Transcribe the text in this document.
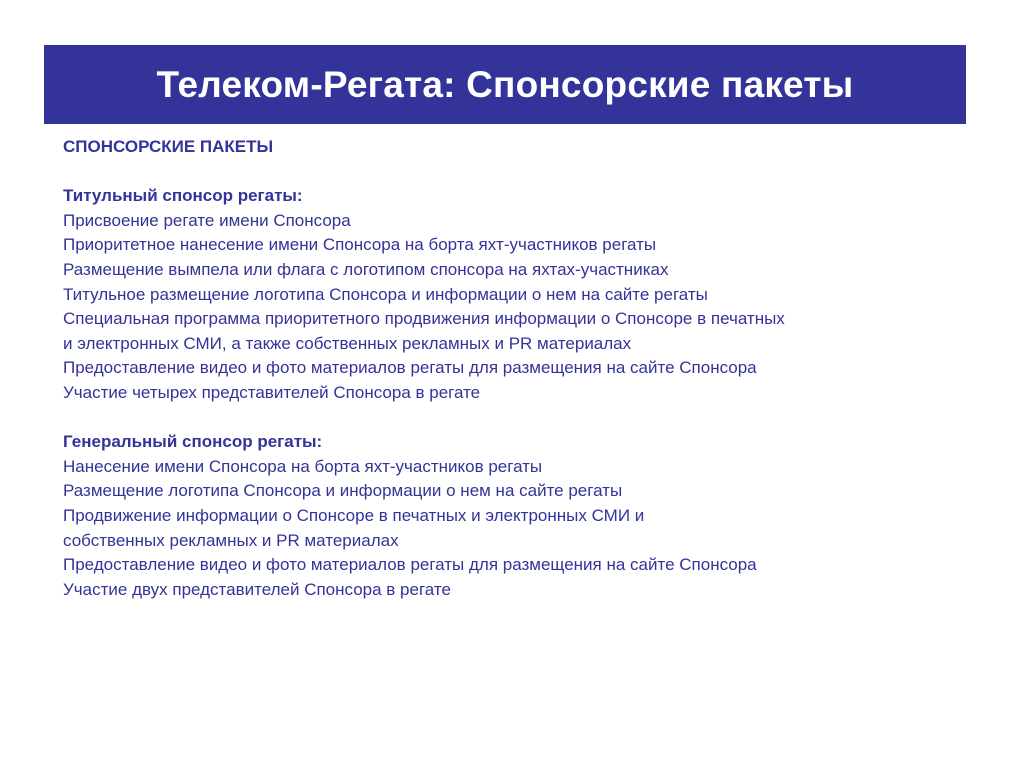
Телеком-Регата: Спонсорские пакеты

СПОНСОРСКИЕ ПАКЕТЫ

Титульный спонсор регаты:

Присвоение регате имени Спонсора

Приоритетное нанесение имени Спонсора на борта яхт-участников регаты

Размещение вымпела или флага с логотипом спонсора на яхтах-участниках

Титульное размещение логотипа Спонсора и информации о нем на сайте регаты

Специальная программа приоритетного продвижения информации о Спонсоре в печатных

и электронных СМИ, а также собственных рекламных и PR материалах

Предоставление видео и фото материалов регаты для размещения на сайте Спонсора

Участие четырех представителей Спонсора в регате

Генеральный спонсор регаты:

Нанесение имени Спонсора на борта яхт-участников регаты

Размещение логотипа Спонсора и информации о нем на сайте регаты

Продвижение информации о Спонсоре в печатных и электронных СМИ и

собственных рекламных и PR материалах

Предоставление видео и фото материалов регаты для размещения на сайте Спонсора

Участие двух представителей Спонсора в регате
